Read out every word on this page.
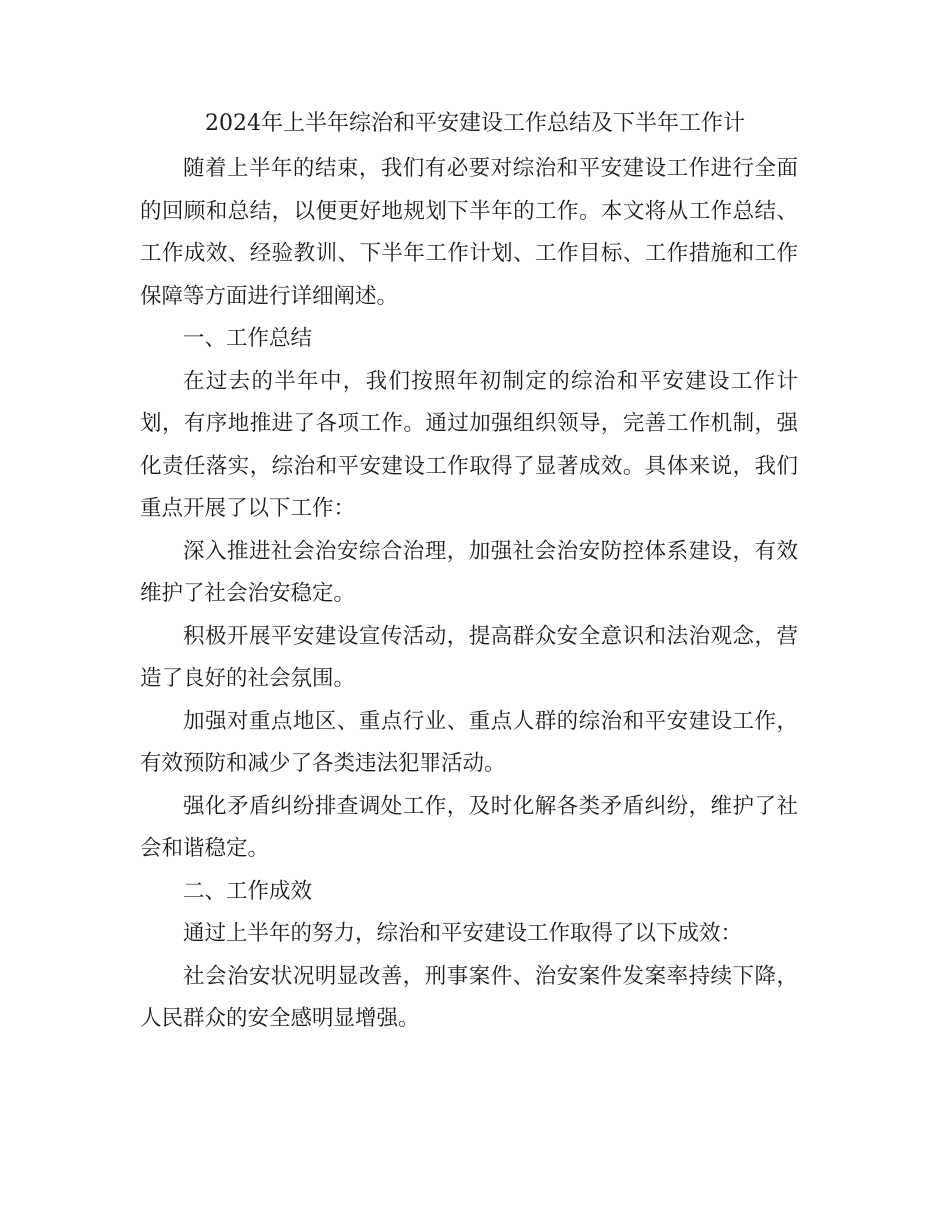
2024年上半年综治和平安建设工作总结及下半年工作计

随着上半年的结束，我们有必要对综治和平安建设工作进行全面的回顾和总结，以便更好地规划下半年的工作。本文将从工作总结、工作成效、经验教训、下半年工作计划、工作目标、工作措施和工作保障等方面进行详细阐述。

一、工作总结

在过去的半年中，我们按照年初制定的综治和平安建设工作计划，有序地推进了各项工作。通过加强组织领导，完善工作机制，强化责任落实，综治和平安建设工作取得了显著成效。具体来说，我们重点开展了以下工作：

深入推进社会治安综合治理，加强社会治安防控体系建设，有效维护了社会治安稳定。

积极开展平安建设宣传活动，提高群众安全意识和法治观念，营造了良好的社会氛围。

加强对重点地区、重点行业、重点人群的综治和平安建设工作，有效预防和减少了各类违法犯罪活动。

强化矛盾纠纷排查调处工作，及时化解各类矛盾纠纷，维护了社会和谐稳定。

二、工作成效

通过上半年的努力，综治和平安建设工作取得了以下成效：

社会治安状况明显改善，刑事案件、治安案件发案率持续下降，人民群众的安全感明显增强。
